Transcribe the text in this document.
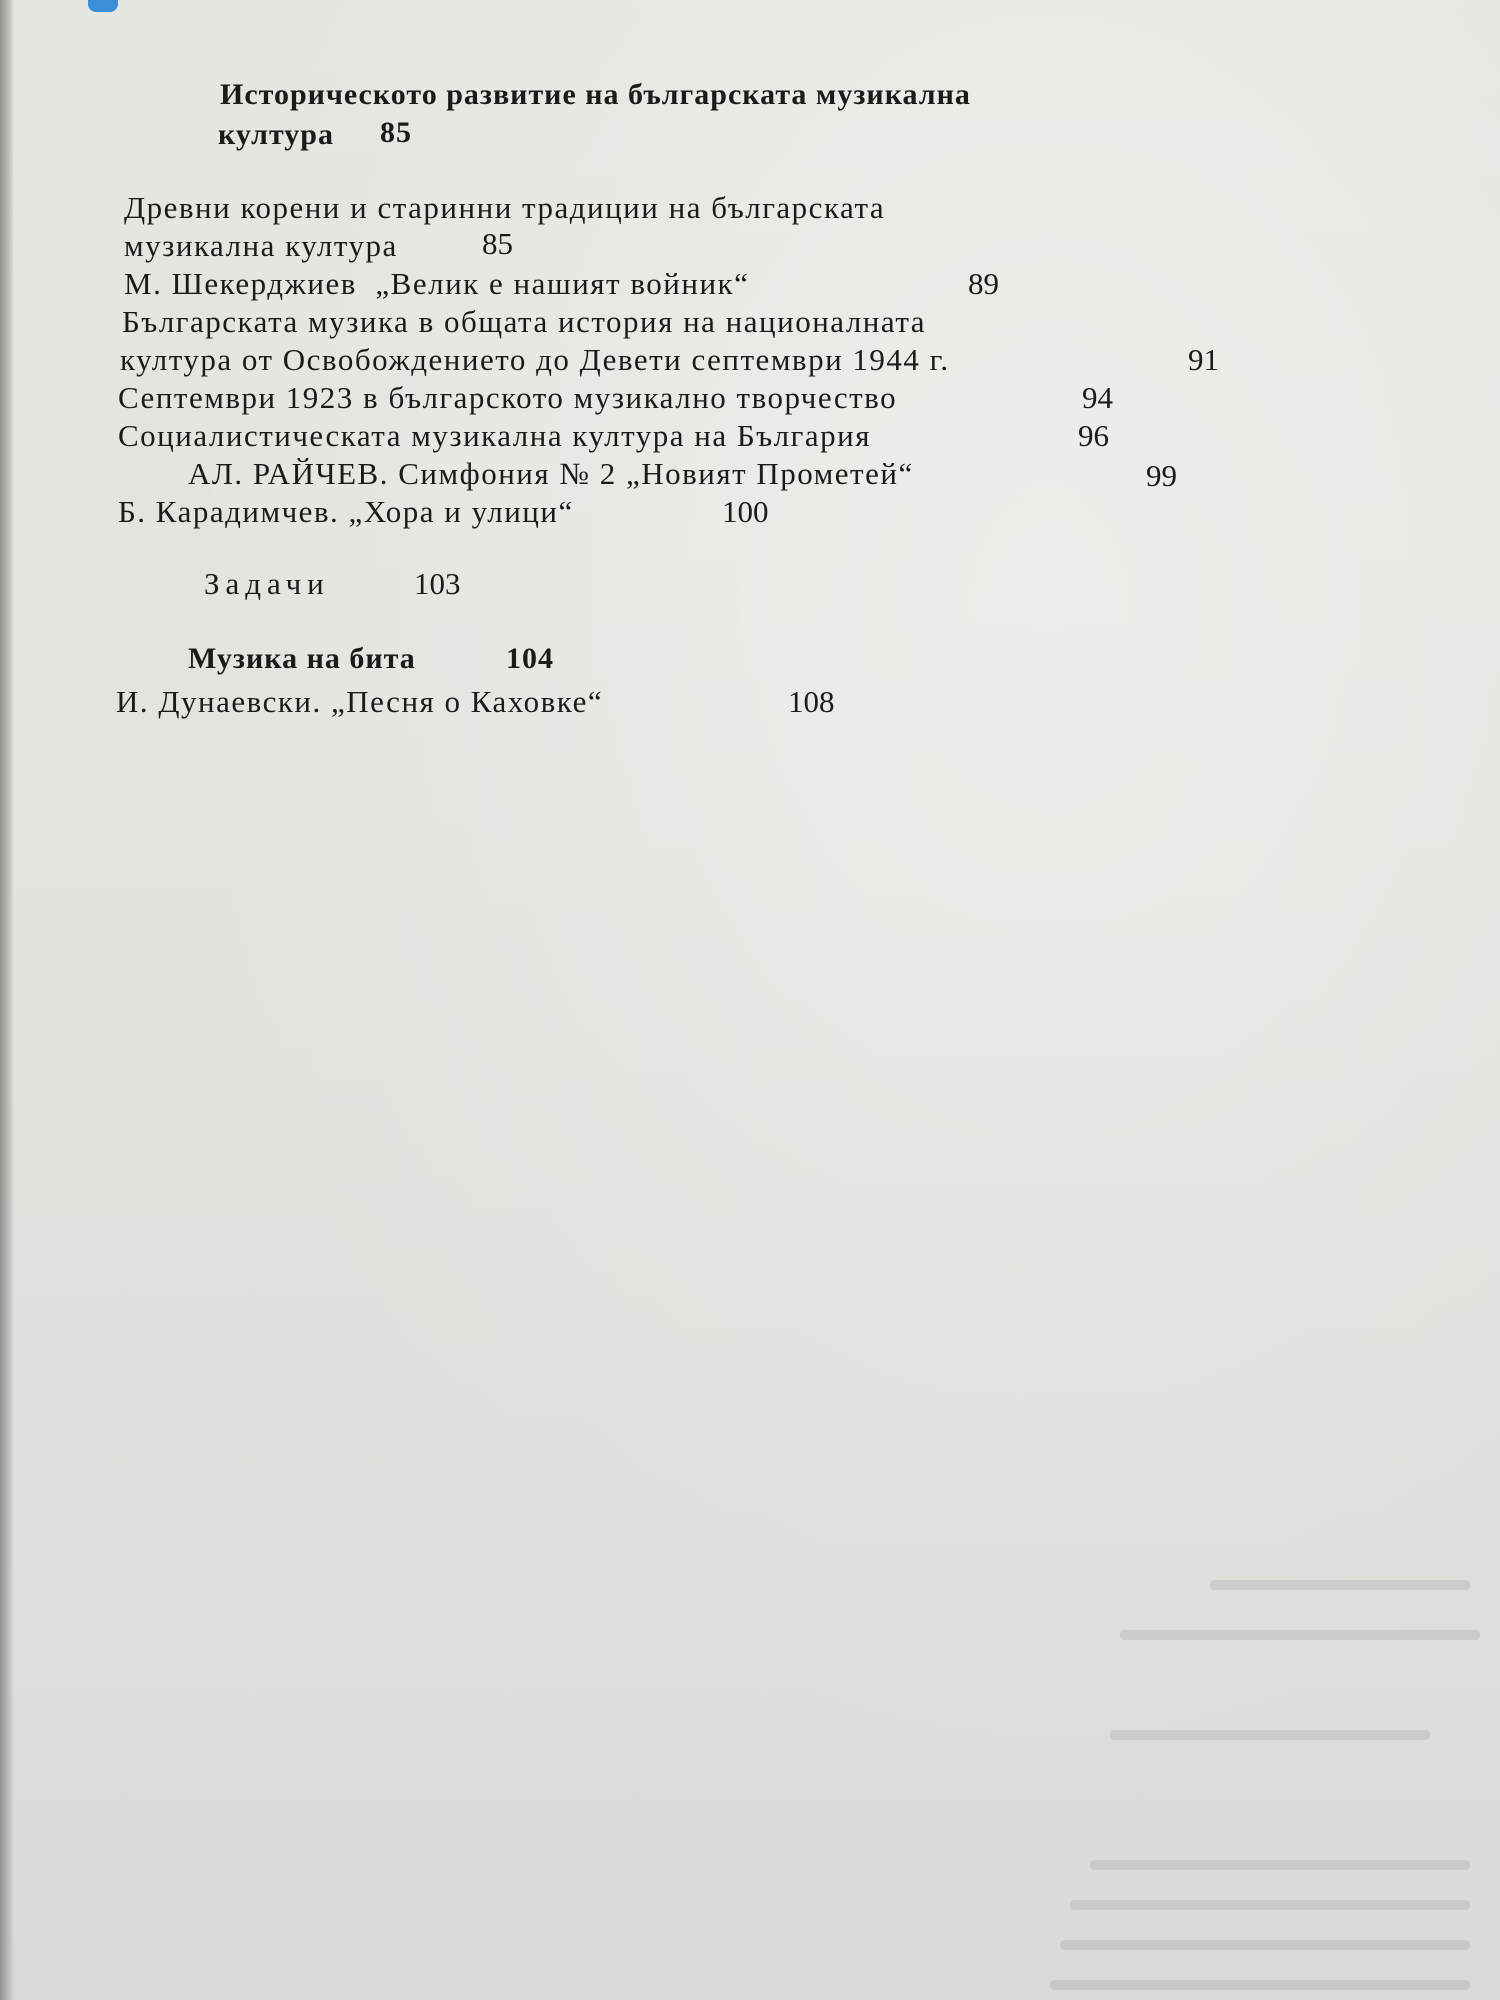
Историческото развитие на българската музикална
култура 85
Древни корени и старинни традиции на българската
музикална култура	85
М. Шекерджиев  „Велик е нашият войник“	89
Българската музика в общата история на националната
култура от Освобождението до Девети септември 1944 г.	91
Септември 1923 в българското музикално творчество	94
Социалистическата музикална култура на България	96
АЛ. РАЙЧЕВ. Симфония № 2 „Новият Прометей“	99
Б. Карадимчев. „Хора и улици“	100
Задачи	103
Музика на бита	104
И. Дунаевски. „Песня о Каховке“	108
